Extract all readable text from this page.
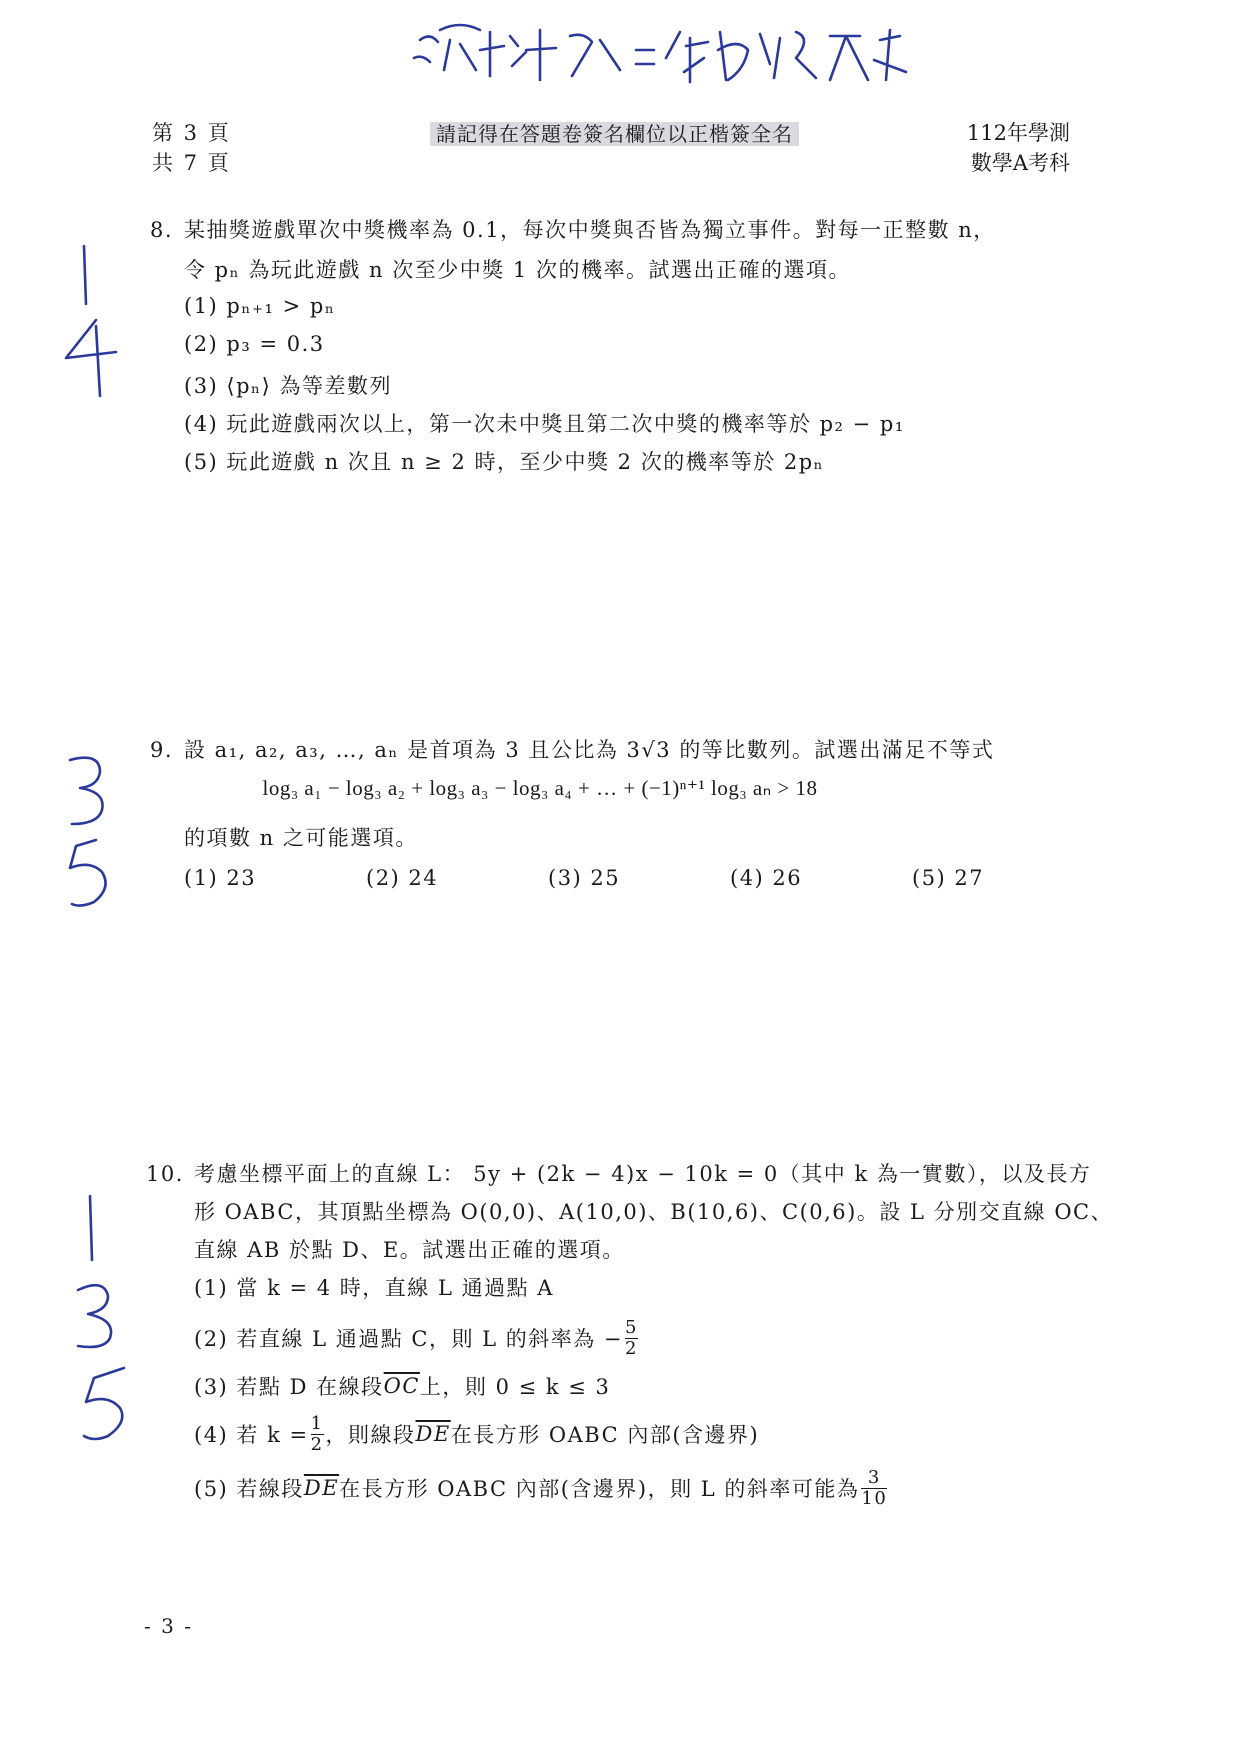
第 3 頁
共 7 頁
請記得在答題卷簽名欄位以正楷簽全名	112年學測
數學A考科
8. 某抽獎遊戲單次中獎機率為 0.1，每次中獎與否皆為獨立事件。對每一正整數 n，
令 pₙ 為玩此遊戲 n 次至少中獎 1 次的機率。試選出正確的選項。
(1) pₙ₊₁ > pₙ
(2) p₃ = 0.3
(3) ⟨pₙ⟩ 為等差數列
(4) 玩此遊戲兩次以上，第一次未中獎且第二次中獎的機率等於 p₂ − p₁
(5) 玩此遊戲 n 次且 n ≥ 2 時，至少中獎 2 次的機率等於 2pₙ
9. 設 a₁, a₂, a₃, …, aₙ 是首項為 3 且公比為 3√3 的等比數列。試選出滿足不等式
log₃ a₁ − log₃ a₂ + log₃ a₃ − log₃ a₄ + … + (−1)ⁿ⁺¹ log₃ aₙ > 18
的項數 n 之可能選項。
(1) 23	(2) 24	(3) 25	(4) 26	(5) 27
10. 考慮坐標平面上的直線 L： 5y + (2k − 4)x − 10k = 0（其中 k 為一實數），以及長方
形 OABC，其頂點坐標為 O(0,0)、A(10,0)、B(10,6)、C(0,6)。設 L 分別交直線 OC、
直線 AB 於點 D、E。試選出正確的選項。
(1) 當 k = 4 時，直線 L 通過點 A
(2) 若直線 L 通過點 C，則 L 的斜率為 − $\frac{5}{2}$
(3) 若點 D 在線段 $\overline{OC}$ 上，則 0 ≤ k ≤ 3
(4) 若 $k = \frac{1}{2}$ ，則線段 $\overline{DE}$ 在長方形 OABC 內部(含邊界)
(5) 若線段 $\overline{DE}$ 在長方形 OABC 內部(含邊界)，則 L 的斜率可能為 $\frac{3}{10}$
- 3 -
